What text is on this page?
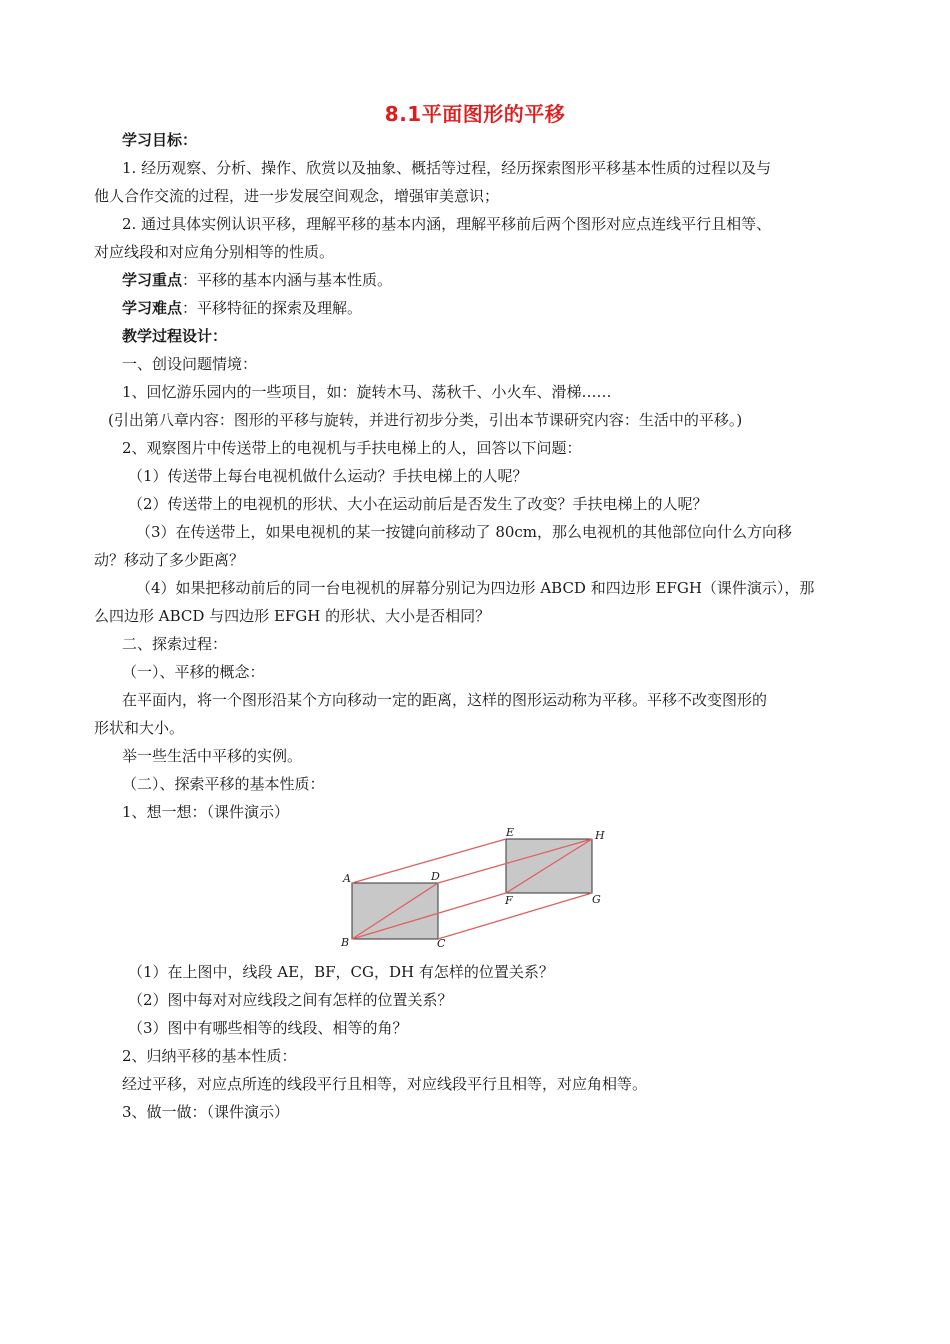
8.1平面图形的平移
学习目标：
1. 经历观察、分析、操作、欣赏以及抽象、概括等过程，经历探索图形平移基本性质的过程以及与
他人合作交流的过程，进一步发展空间观念，增强审美意识；
2. 通过具体实例认识平移，理解平移的基本内涵，理解平移前后两个图形对应点连线平行且相等、
对应线段和对应角分别相等的性质。
学习重点：平移的基本内涵与基本性质。
学习难点：平移特征的探索及理解。
教学过程设计：
一、创设问题情境：
1、回忆游乐园内的一些项目，如：旋转木马、荡秋千、小火车、滑梯……
(引出第八章内容：图形的平移与旋转，并进行初步分类，引出本节课研究内容：生活中的平移。)
2、观察图片中传送带上的电视机与手扶电梯上的人，回答以下问题：
（1）传送带上每台电视机做什么运动？手扶电梯上的人呢？
（2）传送带上的电视机的形状、大小在运动前后是否发生了改变？手扶电梯上的人呢？
（3）在传送带上，如果电视机的某一按键向前移动了 80cm，那么电视机的其他部位向什么方向移
动？移动了多少距离？
（4）如果把移动前后的同一台电视机的屏幕分别记为四边形 ABCD 和四边形 EFGH（课件演示），那
么四边形 ABCD 与四边形 EFGH 的形状、大小是否相同？
二、探索过程：
（一）、平移的概念：
在平面内，将一个图形沿某个方向移动一定的距离，这样的图形运动称为平移。平移不改变图形的
形状和大小。
举一些生活中平移的实例。
（二）、探索平移的基本性质：
1、想一想：（课件演示）
A
B	C
D
E
F	G
H
（1）在上图中，线段 AE，BF，CG，DH 有怎样的位置关系？
（2）图中每对对应线段之间有怎样的位置关系？
（3）图中有哪些相等的线段、相等的角？
2、归纳平移的基本性质：
经过平移，对应点所连的线段平行且相等，对应线段平行且相等，对应角相等。
3、做一做：（课件演示）
